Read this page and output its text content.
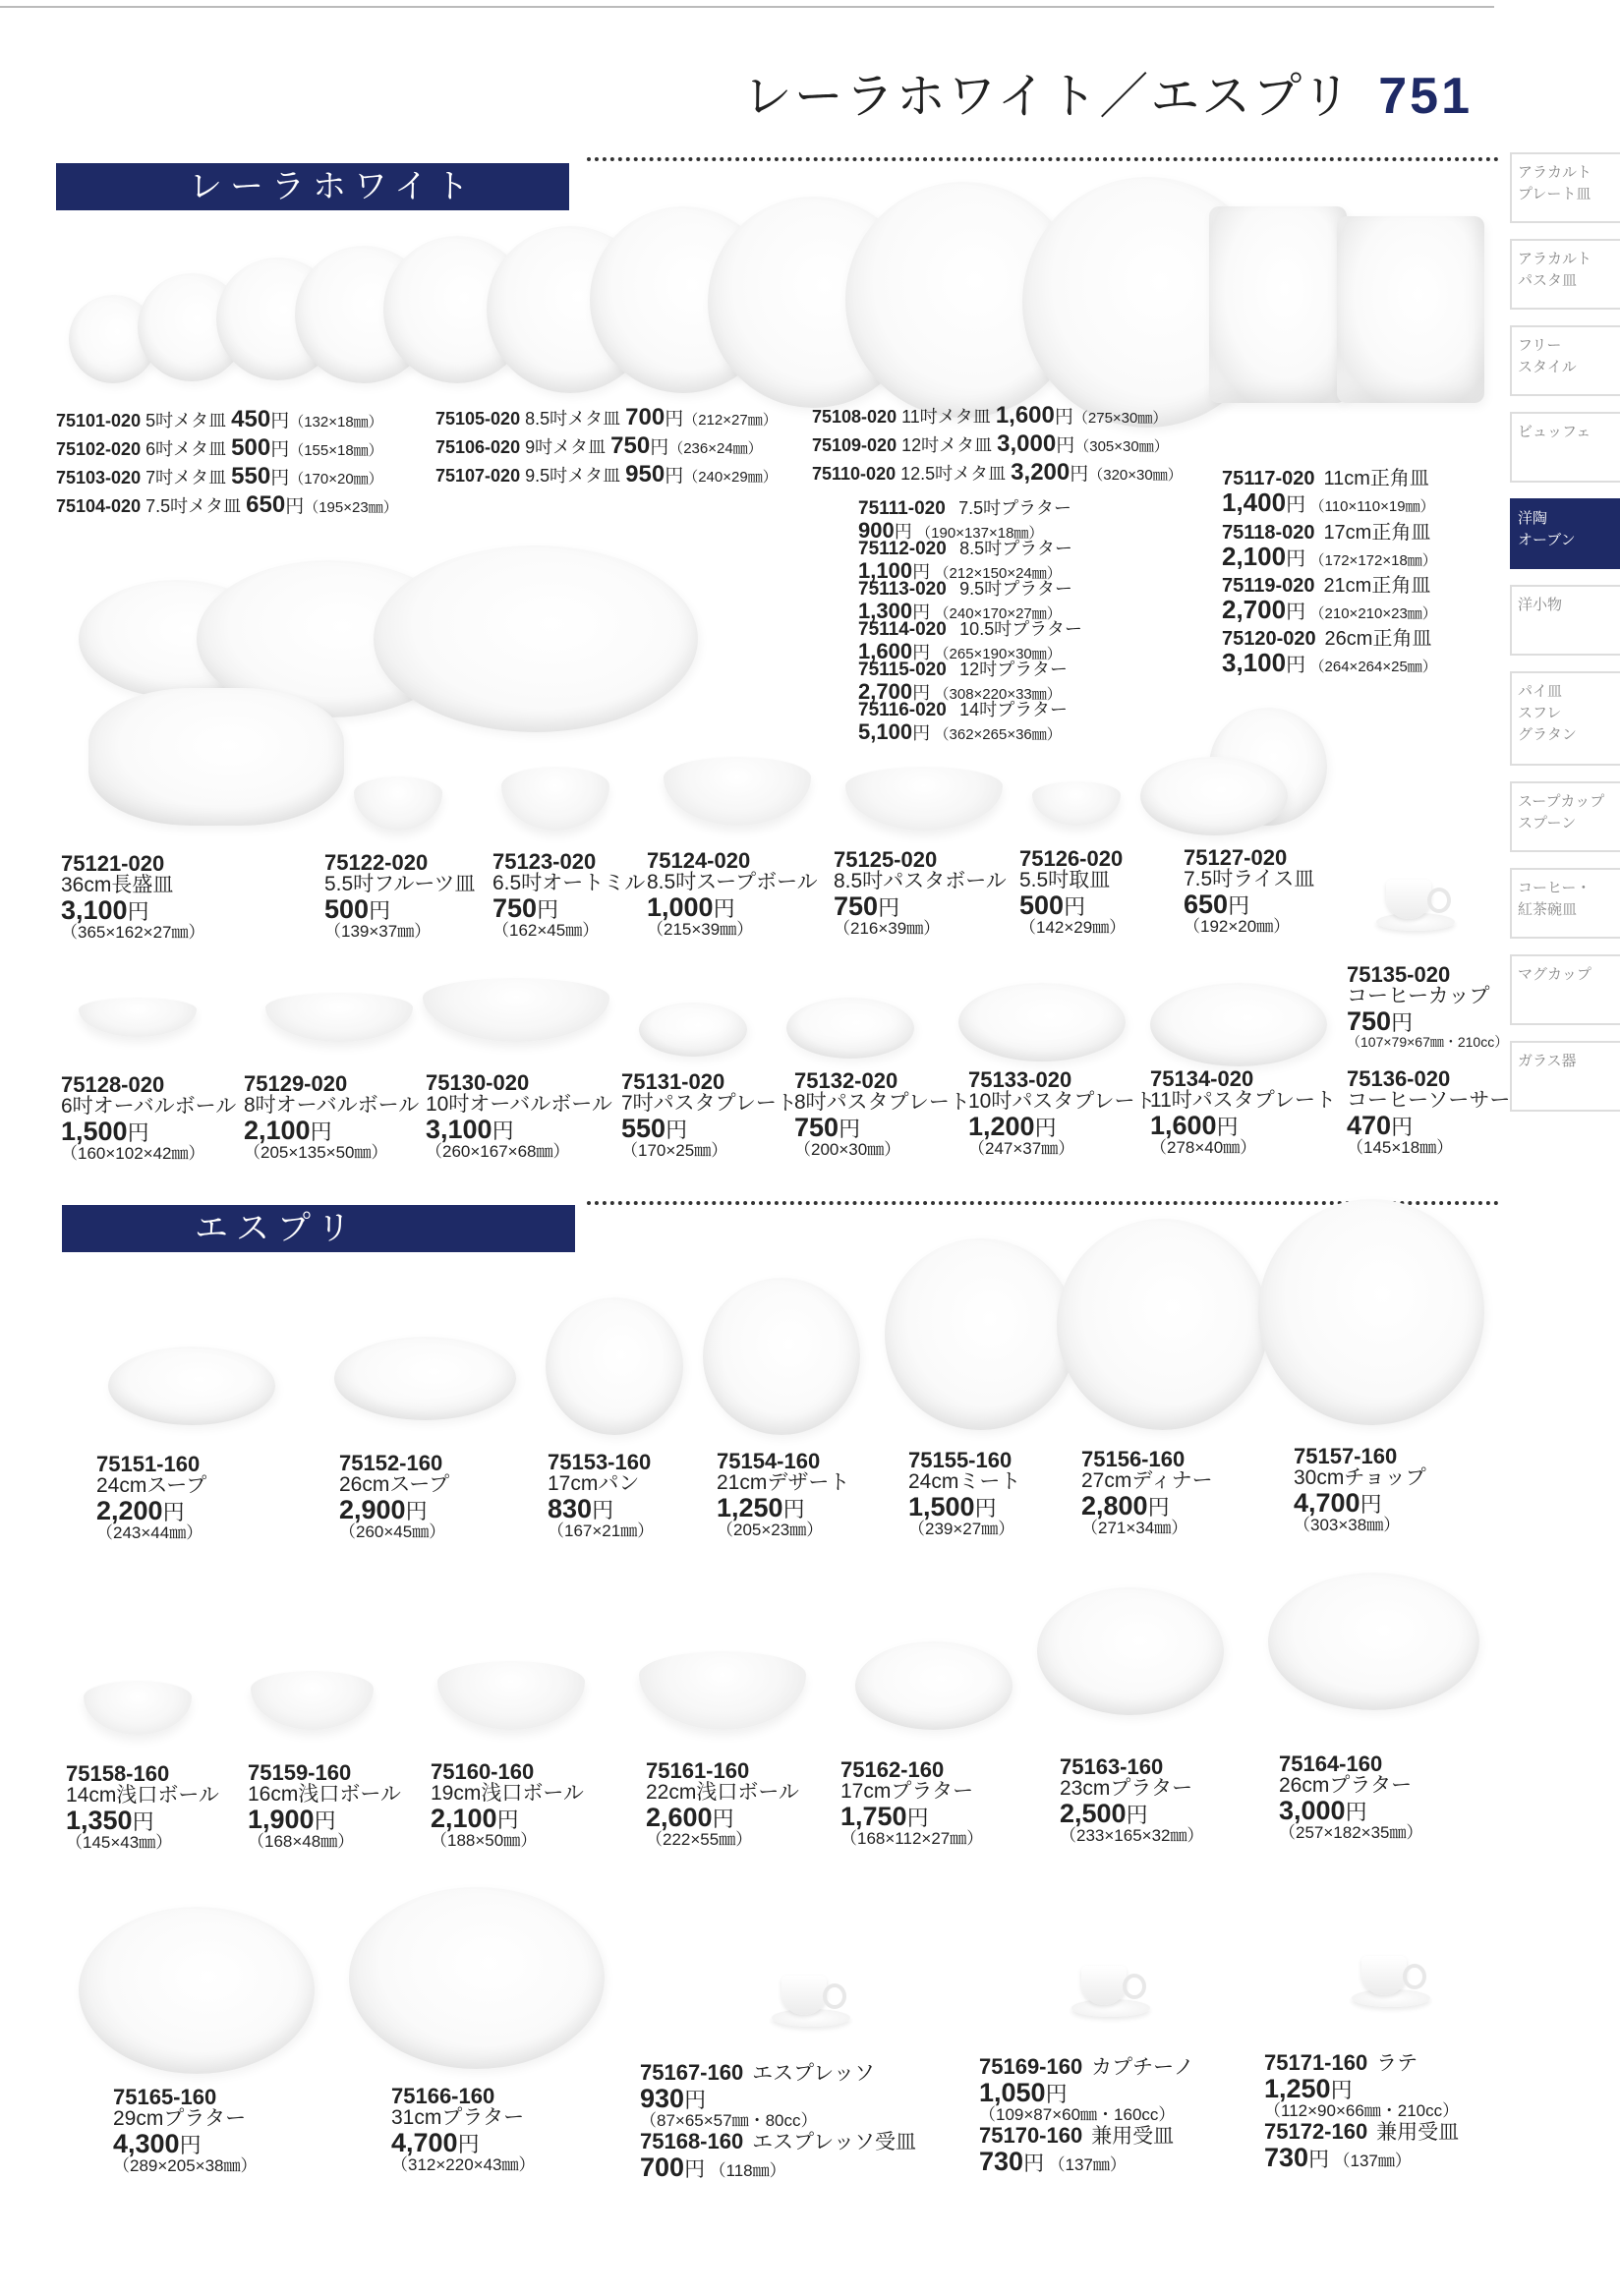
レーラホワイト／エスプリ 751
レーラホワイト
エスプリ
アラカルト
プレート皿
アラカルト
パスタ皿
フリー
スタイル
ビュッフェ
洋陶
オーブン
洋小物
パイ皿
スフレ
グラタン
スープカップ
スプーン
コーヒー・
紅茶碗皿
マグカップ
ガラス器
75101-020 5吋メタ皿 450円（132×18㎜）
75102-020 6吋メタ皿 500円（155×18㎜）
75103-020 7吋メタ皿 550円（170×20㎜）
75104-020 7.5吋メタ皿 650円（195×23㎜）
75105-020 8.5吋メタ皿 700円（212×27㎜）
75106-020 9吋メタ皿 750円（236×24㎜）
75107-020 9.5吋メタ皿 950円（240×29㎜）
75108-020 11吋メタ皿 1,600円（275×30㎜）
75109-020 12吋メタ皿 3,000円（305×30㎜）
75110-020 12.5吋メタ皿 3,200円（320×30㎜）
75111-020 7.5吋プラター
900円 （190×137×18㎜）
75112-020 8.5吋プラター
1,100円 （212×150×24㎜）
75113-020 9.5吋プラター
1,300円 （240×170×27㎜）
75114-020 10.5吋プラター
1,600円 （265×190×30㎜）
75115-020 12吋プラター
2,700円 （308×220×33㎜）
75116-020 14吋プラター
5,100円 （362×265×36㎜）
75117-020 11cm正角皿
1,400円 （110×110×19㎜）
75118-020 17cm正角皿
2,100円 （172×172×18㎜）
75119-020 21cm正角皿
2,700円 （210×210×23㎜）
75120-020 26cm正角皿
3,100円 （264×264×25㎜）
75121-020
36cm長盛皿
3,100円
（365×162×27㎜）
75122-020
5.5吋フルーツ皿
500円
（139×37㎜）
75123-020
6.5吋オートミル
750円
（162×45㎜）
75124-020
8.5吋スープボール
1,000円
（215×39㎜）
75125-020
8.5吋パスタボール
750円
（216×39㎜）
75126-020
5.5吋取皿
500円
（142×29㎜）
75127-020
7.5吋ライス皿
650円
（192×20㎜）
75135-020
コーヒーカップ
750円
（107×79×67㎜・210cc）
75128-020
6吋オーバルボール
1,500円
（160×102×42㎜）
75129-020
8吋オーバルボール
2,100円
（205×135×50㎜）
75130-020
10吋オーバルボール
3,100円
（260×167×68㎜）
75131-020
7吋パスタプレート
550円
（170×25㎜）
75132-020
8吋パスタプレート
750円
（200×30㎜）
75133-020
10吋パスタプレート
1,200円
（247×37㎜）
75134-020
11吋パスタプレート
1,600円
（278×40㎜）
75136-020
コーヒーソーサー
470円
（145×18㎜）
75151-160
24cmスープ
2,200円
（243×44㎜）
75152-160
26cmスープ
2,900円
（260×45㎜）
75153-160
17cmパン
830円
（167×21㎜）
75154-160
21cmデザート
1,250円
（205×23㎜）
75155-160
24cmミート
1,500円
（239×27㎜）
75156-160
27cmディナー
2,800円
（271×34㎜）
75157-160
30cmチョップ
4,700円
（303×38㎜）
75158-160
14cm浅口ボール
1,350円
（145×43㎜）
75159-160
16cm浅口ボール
1,900円
（168×48㎜）
75160-160
19cm浅口ボール
2,100円
（188×50㎜）
75161-160
22cm浅口ボール
2,600円
（222×55㎜）
75162-160
17cmプラター
1,750円
（168×112×27㎜）
75163-160
23cmプラター
2,500円
（233×165×32㎜）
75164-160
26cmプラター
3,000円
（257×182×35㎜）
75165-160
29cmプラター
4,300円
（289×205×38㎜）
75166-160
31cmプラター
4,700円
（312×220×43㎜）
75167-160 エスプレッソ
930円
（87×65×57㎜・80cc）
75168-160 エスプレッソ受皿
700円 （118㎜）
75169-160 カプチーノ
1,050円
（109×87×60㎜・160cc）
75170-160 兼用受皿
730円 （137㎜）
75171-160 ラテ
1,250円
（112×90×66㎜・210cc）
75172-160 兼用受皿
730円 （137㎜）
